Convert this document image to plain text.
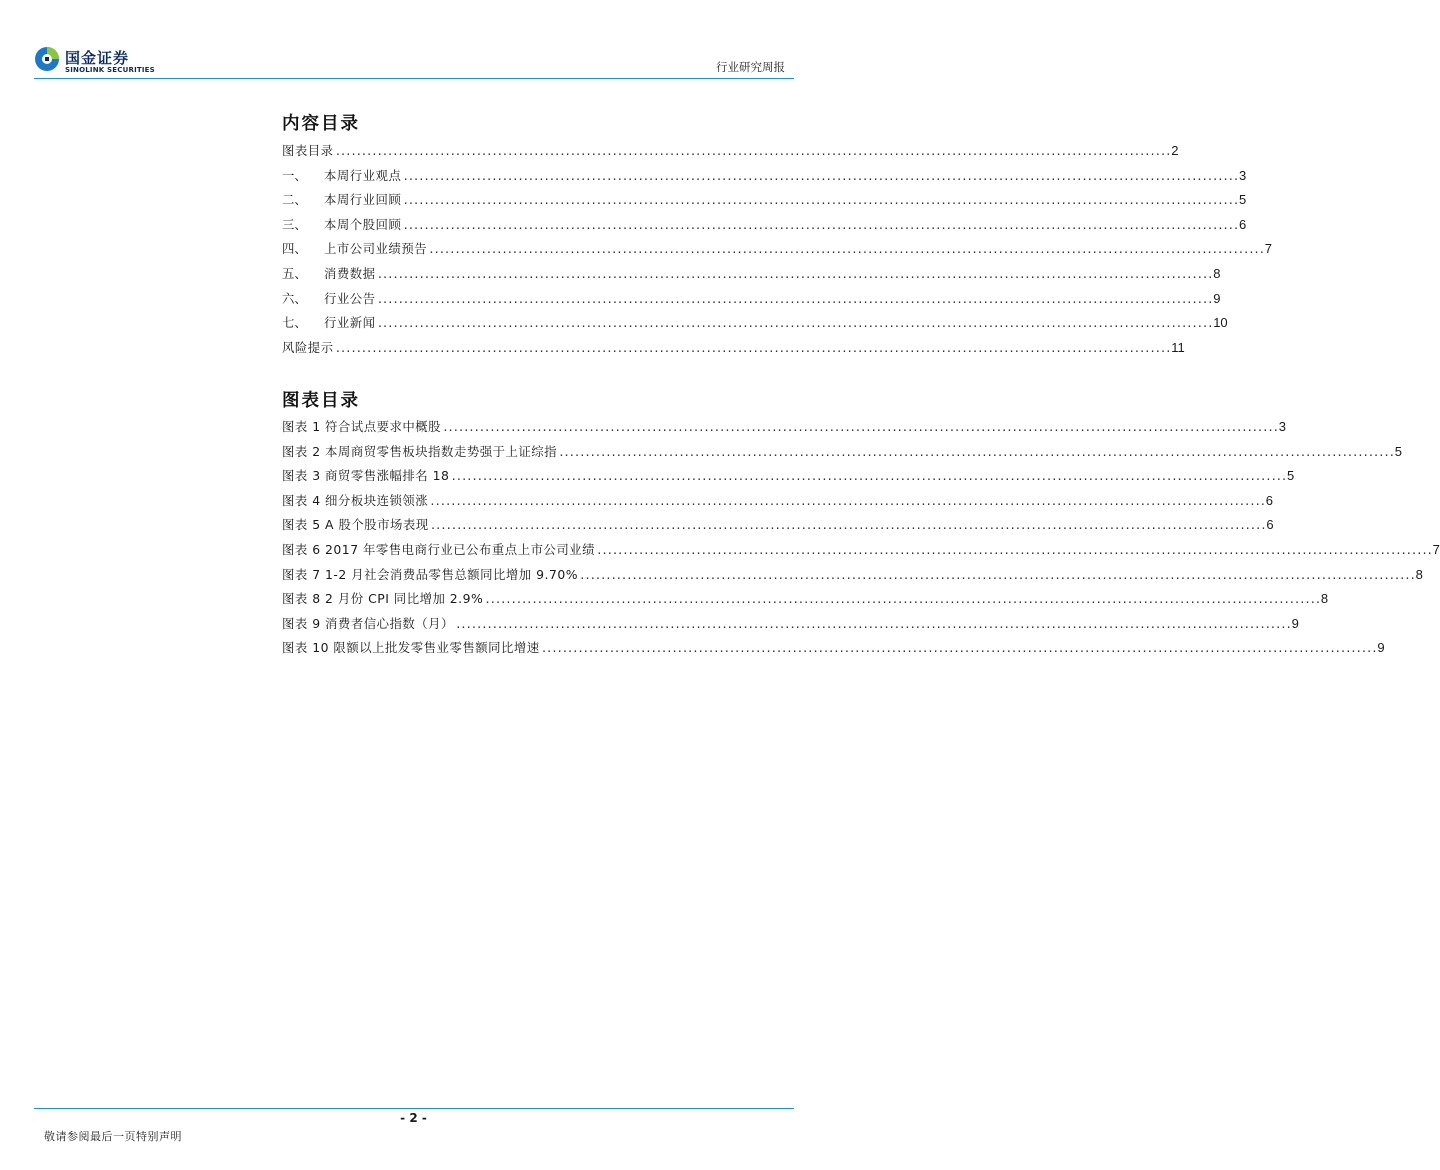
国金证券
SINOLINK SECURITIES	行业研究周报
内容目录
图表目录 ................................................................................................................................................................ 2
一、 本周行业观点 ................................................................................................................................................................ 3
二、 本周行业回顾 ................................................................................................................................................................ 5
三、 本周个股回顾 ................................................................................................................................................................ 6
四、 上市公司业绩预告 ................................................................................................................................................................ 7
五、 消费数据 ................................................................................................................................................................ 8
六、 行业公告 ................................................................................................................................................................ 9
七、 行业新闻 ................................................................................................................................................................ 10
风险提示 ................................................................................................................................................................ 11
图表目录
图表 1 符合试点要求中概股 ................................................................................................................................................................ 3
图表 2 本周商贸零售板块指数走势强于上证综指 ................................................................................................................................................................ 5
图表 3 商贸零售涨幅排名 18 ................................................................................................................................................................ 5
图表 4 细分板块连锁领涨 ................................................................................................................................................................ 6
图表 5 A 股个股市场表现 ................................................................................................................................................................ 6
图表 6 2017 年零售电商行业已公布重点上市公司业绩 ................................................................................................................................................................ 7
图表 7 1-2 月社会消费品零售总额同比增加 9.70% ................................................................................................................................................................ 8
图表 8 2 月份 CPI 同比增加 2.9% ................................................................................................................................................................ 8
图表 9 消费者信心指数（月） ................................................................................................................................................................ 9
图表 10 限额以上批发零售业零售额同比增速 ................................................................................................................................................................ 9
- 2 -
敬请参阅最后一页特别声明
